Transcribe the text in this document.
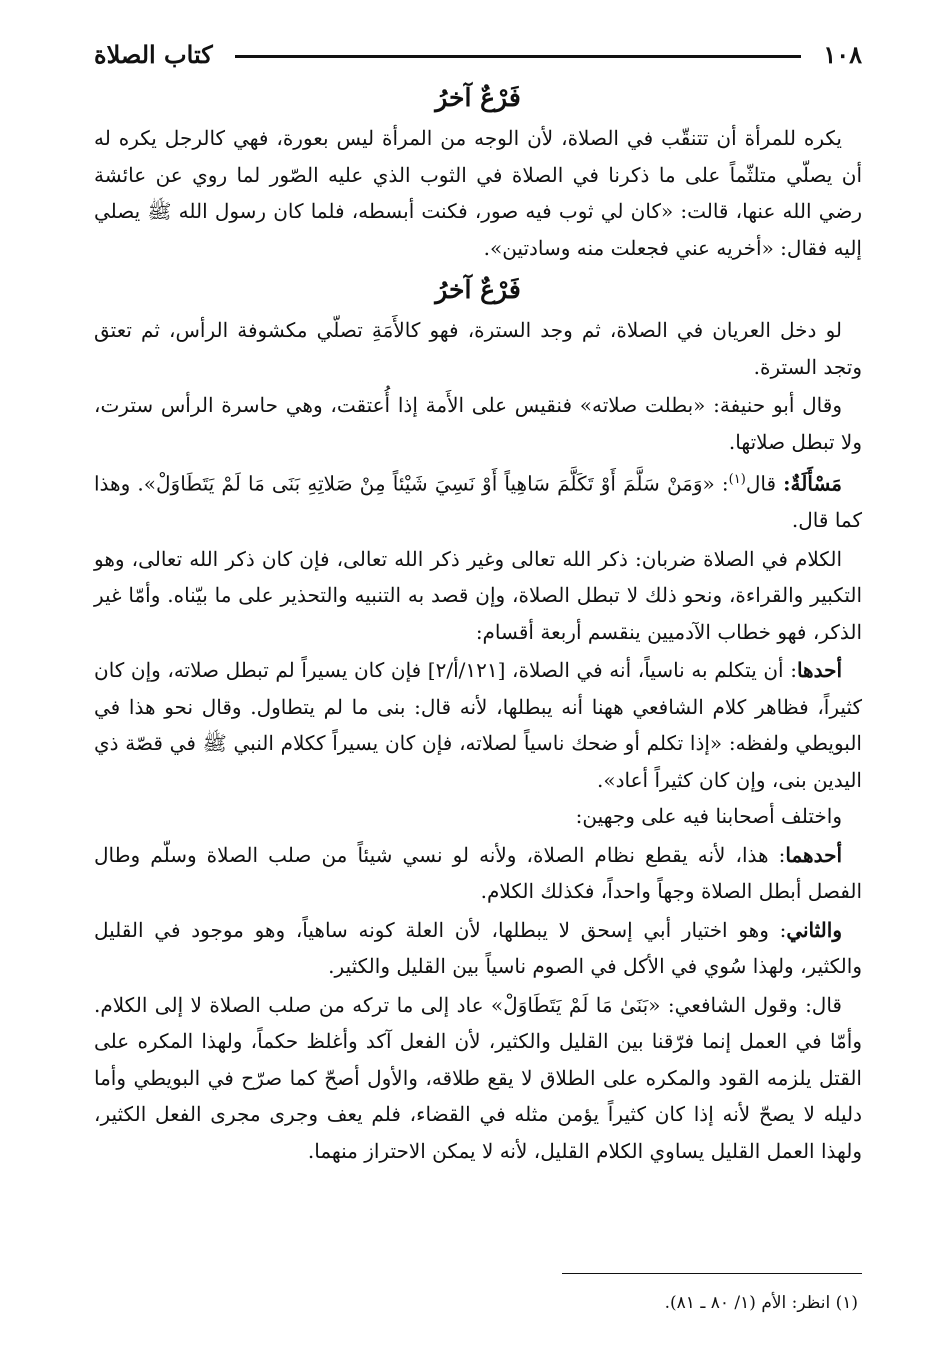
١٠٨
كتاب الصلاة
فَرْعٌ آخرُ

يكره للمرأة أن تتنقّب في الصلاة، لأن الوجه من المرأة ليس بعورة، فهي كالرجل يكره له أن يصلّي متلثّماً على ما ذكرنا في الصلاة في الثوب الذي عليه الصّور لما روي عن عائشة رضي الله عنها، قالت: «كان لي ثوب فيه صور، فكنت أبسطه، فلما كان رسول الله ﷺ يصلي إليه فقال: «أخريه عني فجعلت منه وسادتين».

فَرْعٌ آخرُ

لو دخل العريان في الصلاة، ثم وجد السترة، فهو كالأَمَةِ تصلّي مكشوفة الرأس، ثم تعتق وتجد السترة.

وقال أبو حنيفة: «بطلت صلاته» فنقيس على الأَمة إذا أُعتقت، وهي حاسرة الرأس سترت، ولا تبطل صلاتها.

مَسْأَلَةٌ: قال$^{(١)}$: «وَمَنْ سَلَّمَ أَوْ تَكَلَّمَ سَاهِياً أَوْ نَسِيَ شَيْئاً مِنْ صَلاتِهِ بَنَى مَا لَمْ يَتَطَاوَلْ». وهذا كما قال.

الكلام في الصلاة ضربان: ذكر الله تعالى وغير ذكر الله تعالى، فإن كان ذكر الله تعالى، وهو التكبير والقراءة، ونحو ذلك لا تبطل الصلاة، وإن قصد به التنبيه والتحذير على ما بيّناه. وأمّا غير الذكر، فهو خطاب الآدميين ينقسم أربعة أقسام:

أحدها: أن يتكلم به ناسياً، أنه في الصلاة، [١٢١/أ/٢] فإن كان يسيراً لم تبطل صلاته، وإن كان كثيراً، فظاهر كلام الشافعي ههنا أنه يبطلها، لأنه قال: بنى ما لم يتطاول. وقال نحو هذا في البويطي ولفظه: «إذا تكلم أو ضحك ناسياً لصلاته، فإن كان يسيراً ككلام النبي ﷺ في قصّة ذي اليدين بنى، وإن كان كثيراً أعاد».

واختلف أصحابنا فيه على وجهين:

أحدهما: هذا، لأنه يقطع نظام الصلاة، ولأنه لو نسي شيئاً من صلب الصلاة وسلّم وطال الفصل أبطل الصلاة وجهاً واحداً، فكذلك الكلام.

والثاني: وهو اختيار أبي إسحق لا يبطلها، لأن العلة كونه ساهياً، وهو موجود في القليل والكثير، ولهذا سُوي في الأكل في الصوم ناسياً بين القليل والكثير.

قال: وقول الشافعي: «بَنَىٰ مَا لَمْ يَتَطَاوَلْ» عاد إلى ما تركه من صلب الصلاة لا إلى الكلام. وأمّا في العمل إنما فرّقنا بين القليل والكثير، لأن الفعل آكد وأغلظ حكماً، ولهذا المكره على القتل يلزمه القود والمكره على الطلاق لا يقع طلاقه، والأول أصحّ كما صرّح في البويطي وأما دليله لا يصحّ لأنه إذا كان كثيراً يؤمن مثله في القضاء، فلم يعف وجرى مجرى الفعل الكثير، ولهذا العمل القليل يساوي الكلام القليل، لأنه لا يمكن الاحتراز منهما.

(١) انظر: الأم (١/ ٨٠ ـ ٨١).
